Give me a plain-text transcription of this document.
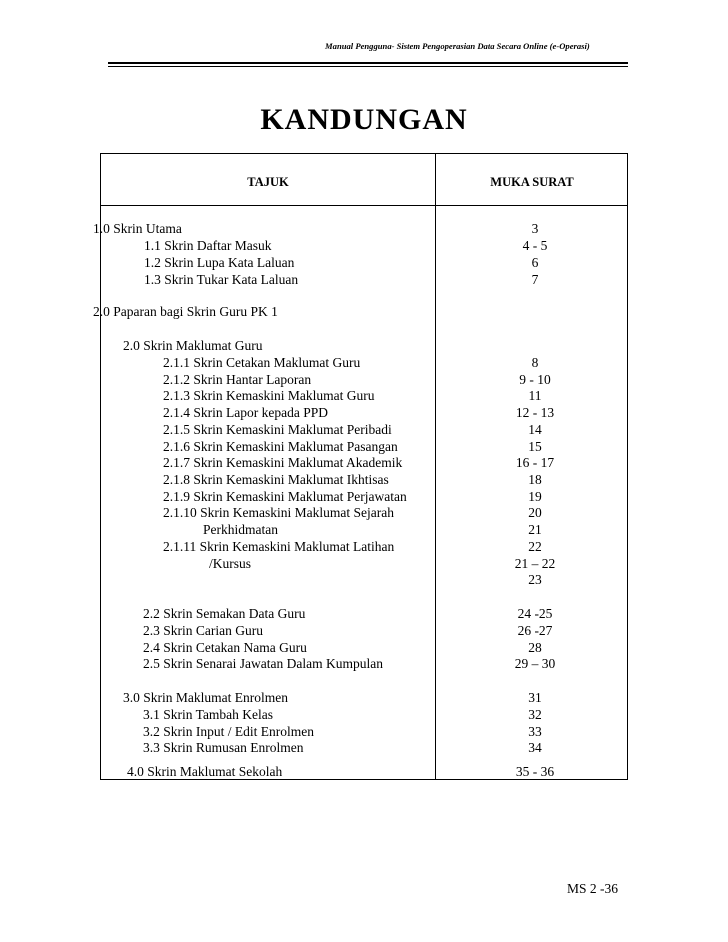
Manual Pengguna- Sistem Pengoperasian Data Secara Online (e-Operasi)
KANDUNGAN
TAJUK	MUKA SURAT
1.0 Skrin Utama	3
1.1 Skrin Daftar Masuk	4 - 5
1.2 Skrin Lupa Kata Laluan	6
1.3 Skrin Tukar Kata Laluan	7
2.0 Paparan bagi Skrin Guru PK 1
2.0 Skrin Maklumat Guru
2.1.1 Skrin Cetakan Maklumat Guru	8
2.1.2 Skrin Hantar Laporan	9 - 10
2.1.3 Skrin Kemaskini Maklumat Guru	11
2.1.4 Skrin Lapor kepada PPD	12 - 13
2.1.5 Skrin Kemaskini Maklumat Peribadi	14
2.1.6 Skrin Kemaskini Maklumat Pasangan	15
2.1.7 Skrin Kemaskini Maklumat Akademik	16 - 17
2.1.8 Skrin Kemaskini Maklumat Ikhtisas	18
2.1.9 Skrin Kemaskini Maklumat Perjawatan	19
2.1.10 Skrin Kemaskini Maklumat Sejarah	20
Perkhidmatan	21
2.1.11 Skrin Kemaskini Maklumat Latihan	22
/Kursus	21 – 22
23
2.2 Skrin Semakan Data Guru	24 -25
2.3 Skrin Carian Guru	26 -27
2.4 Skrin Cetakan Nama Guru	28
2.5 Skrin Senarai Jawatan Dalam Kumpulan	29 – 30
3.0 Skrin Maklumat Enrolmen	31
3.1 Skrin Tambah Kelas	32
3.2 Skrin Input / Edit Enrolmen	33
3.3 Skrin Rumusan Enrolmen	34
4.0 Skrin Maklumat Sekolah	35 - 36
MS 2 -36
